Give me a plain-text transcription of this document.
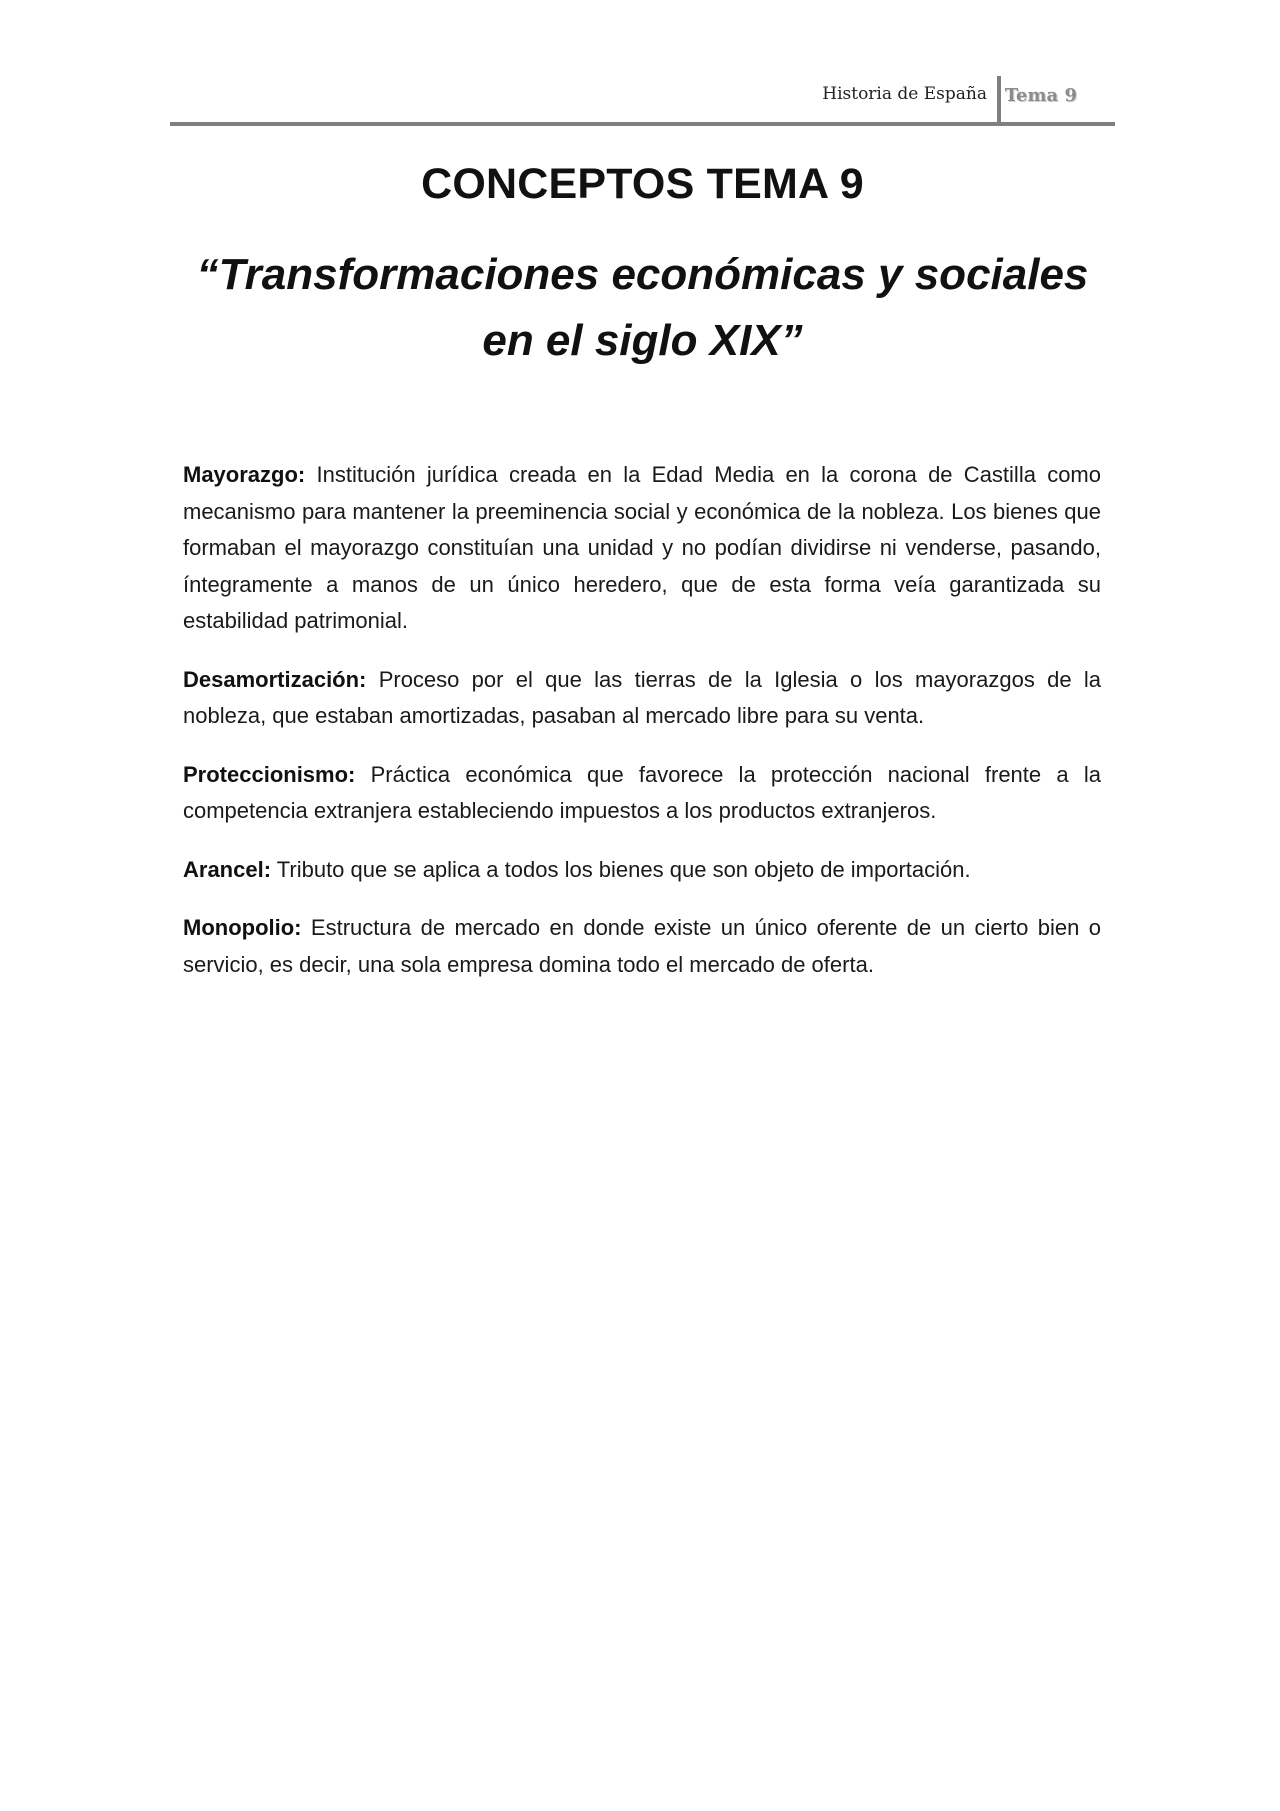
Historia de España Tema 9
CONCEPTOS TEMA 9
“Transformaciones económicas y sociales en el siglo XIX”

Mayorazgo: Institución jurídica creada en la Edad Media en la corona de Castilla como mecanismo para mantener la preeminencia social y económica de la nobleza. Los bienes que formaban el mayorazgo constituían una unidad y no podían dividirse ni venderse, pasando, íntegramente a manos de un único heredero, que de esta forma veía garantizada su estabilidad patrimonial.

Desamortización: Proceso por el que las tierras de la Iglesia o los mayorazgos de la nobleza, que estaban amortizadas, pasaban al mercado libre para su venta.

Proteccionismo: Práctica económica que favorece la protección nacional frente a la competencia extranjera estableciendo impuestos a los productos extranjeros.

Arancel: Tributo que se aplica a todos los bienes que son objeto de importación.

Monopolio: Estructura de mercado en donde existe un único oferente de un cierto bien o servicio, es decir, una sola empresa domina todo el mercado de oferta.
